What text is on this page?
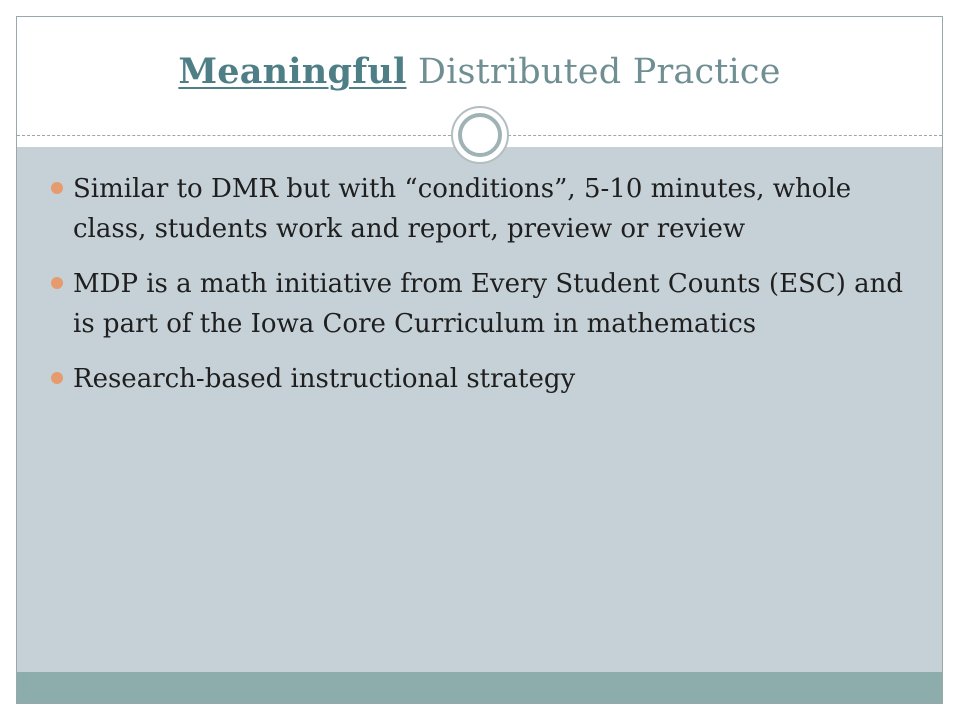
Meaningful Distributed Practice
Similar to DMR but with “conditions”, 5-10 minutes, whole class, students work and report, preview or review
MDP is a math initiative from Every Student Counts (ESC) and is part of the Iowa Core Curriculum in mathematics
Research-based instructional strategy
